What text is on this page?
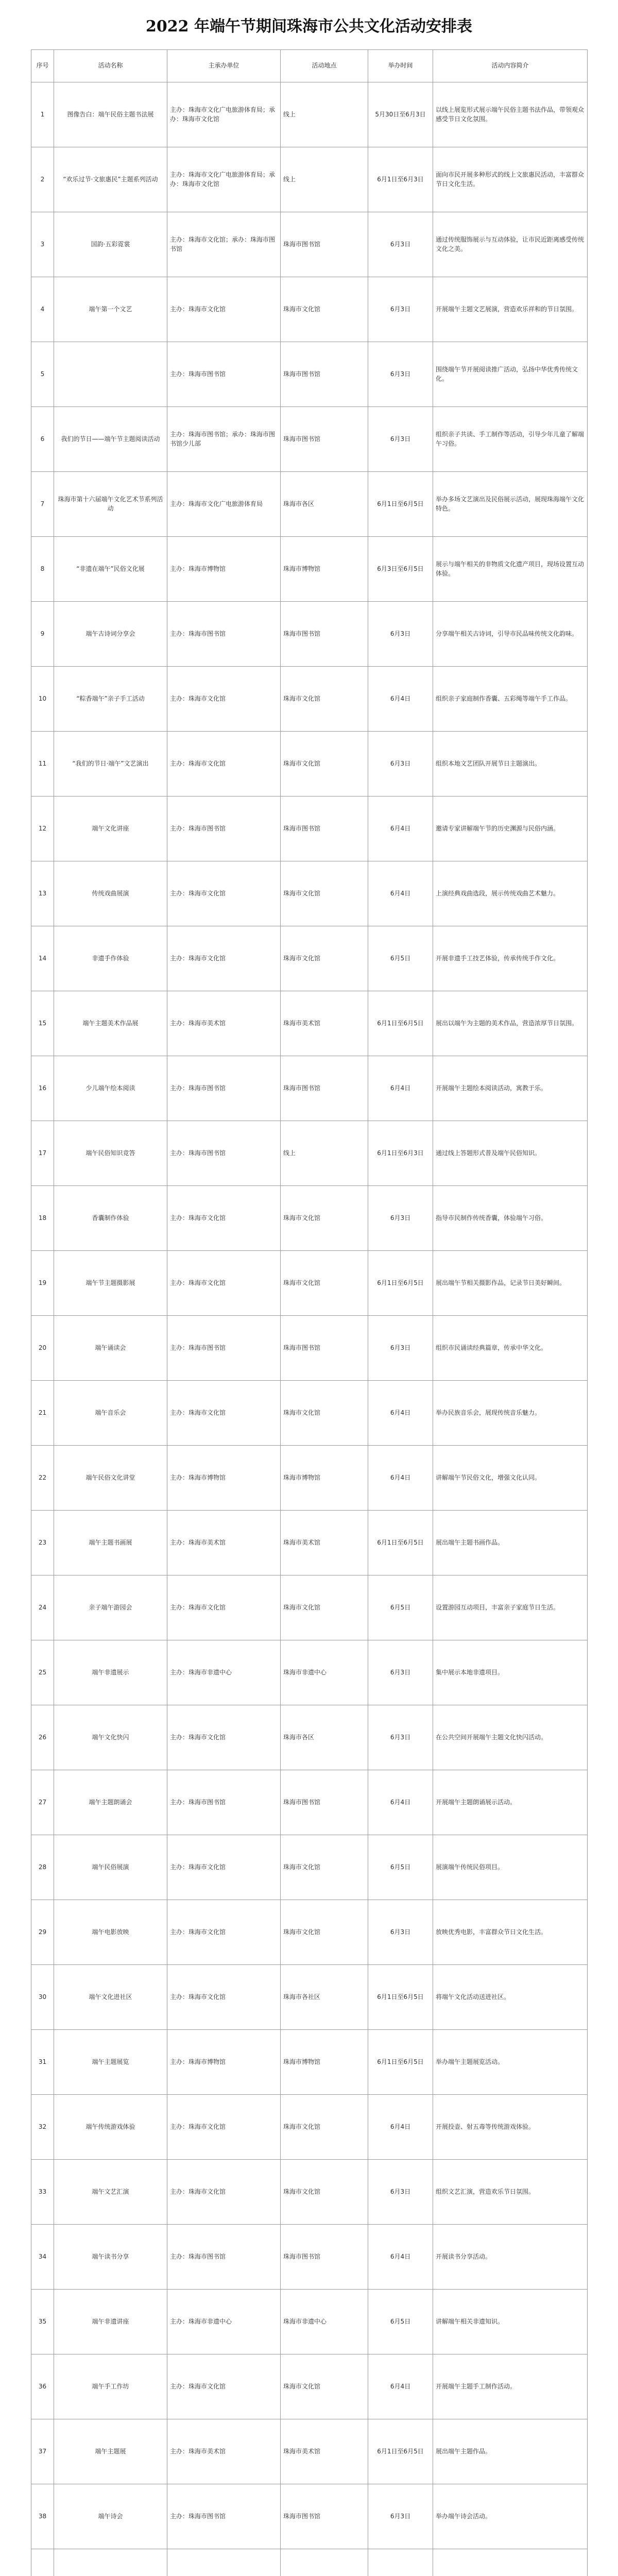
2022 年端午节期间珠海市公共文化活动安排表
序号	活动名称	主承办单位	活动地点	举办时间	活动内容简介
1	图像告白：端午民俗主题书法展	主办：珠海市文化广电旅游体育局；承办：珠海市文化馆	线上	5月30日至6月3日	以线上展览形式展示端午民俗主题书法作品，带领观众感受节日文化氛围。
2	“欢乐过节·文旅惠民”主题系列活动	主办：珠海市文化广电旅游体育局；承办：珠海市文化馆	线上	6月1日至6月3日	面向市民开展多种形式的线上文旅惠民活动，丰富群众节日文化生活。
3	国韵·五彩霓裳	主办：珠海市文化馆；承办：珠海市图书馆	珠海市图书馆	6月3日	通过传统服饰展示与互动体验，让市民近距离感受传统文化之美。
4	端午第一个文艺	主办：珠海市文化馆	珠海市文化馆	6月3日	开展端午主题文艺展演，营造欢乐祥和的节日氛围。
5		主办：珠海市图书馆	珠海市图书馆	6月3日	围绕端午节开展阅读推广活动，弘扬中华优秀传统文化。
6	我们的节日——端午节主题阅读活动	主办：珠海市图书馆；承办：珠海市图书馆少儿部	珠海市图书馆	6月3日	组织亲子共读、手工制作等活动，引导少年儿童了解端午习俗。
7	珠海市第十六届端午文化艺术节系列活动	主办：珠海市文化广电旅游体育局	珠海市各区	6月1日至6月5日	举办多场文艺演出及民俗展示活动，展现珠海端午文化特色。
8	“非遗在端午”民俗文化展	主办：珠海市博物馆	珠海市博物馆	6月3日至6月5日	展示与端午相关的非物质文化遗产项目，现场设置互动体验。
9	端午古诗词分享会	主办：珠海市图书馆	珠海市图书馆	6月3日	分享端午相关古诗词，引导市民品味传统文化韵味。
10	“粽香端午”亲子手工活动	主办：珠海市文化馆	珠海市文化馆	6月4日	组织亲子家庭制作香囊、五彩绳等端午手工作品。
11	“我们的节日·端午”文艺演出	主办：珠海市文化馆	珠海市文化馆	6月3日	组织本地文艺团队开展节日主题演出。
12	端午文化讲座	主办：珠海市图书馆	珠海市图书馆	6月4日	邀请专家讲解端午节的历史渊源与民俗内涵。
13	传统戏曲展演	主办：珠海市文化馆	珠海市文化馆	6月4日	上演经典戏曲选段，展示传统戏曲艺术魅力。
14	非遗手作体验	主办：珠海市文化馆	珠海市文化馆	6月5日	开展非遗手工技艺体验，传承传统手作文化。
15	端午主题美术作品展	主办：珠海市美术馆	珠海市美术馆	6月1日至6月5日	展出以端午为主题的美术作品，营造浓厚节日氛围。
16	少儿端午绘本阅读	主办：珠海市图书馆	珠海市图书馆	6月4日	开展端午主题绘本阅读活动，寓教于乐。
17	端午民俗知识竞答	主办：珠海市图书馆	线上	6月1日至6月3日	通过线上答题形式普及端午民俗知识。
18	香囊制作体验	主办：珠海市文化馆	珠海市文化馆	6月3日	指导市民制作传统香囊，体验端午习俗。
19	端午节主题摄影展	主办：珠海市文化馆	珠海市文化馆	6月1日至6月5日	展出端午节相关摄影作品，记录节日美好瞬间。
20	端午诵读会	主办：珠海市图书馆	珠海市图书馆	6月3日	组织市民诵读经典篇章，传承中华文化。
21	端午音乐会	主办：珠海市文化馆	珠海市文化馆	6月4日	举办民族音乐会，展现传统音乐魅力。
22	端午民俗文化讲堂	主办：珠海市博物馆	珠海市博物馆	6月4日	讲解端午节民俗文化，增强文化认同。
23	端午主题书画展	主办：珠海市美术馆	珠海市美术馆	6月1日至6月5日	展出端午主题书画作品。
24	亲子端午游园会	主办：珠海市文化馆	珠海市文化馆	6月5日	设置游园互动项目，丰富亲子家庭节日生活。
25	端午非遗展示	主办：珠海市非遗中心	珠海市非遗中心	6月3日	集中展示本地非遗项目。
26	端午文化快闪	主办：珠海市文化馆	珠海市各区	6月3日	在公共空间开展端午主题文化快闪活动。
27	端午主题朗诵会	主办：珠海市图书馆	珠海市图书馆	6月4日	开展端午主题朗诵展示活动。
28	端午民俗展演	主办：珠海市文化馆	珠海市文化馆	6月5日	展演端午传统民俗项目。
29	端午电影放映	主办：珠海市文化馆	珠海市文化馆	6月3日	放映优秀电影，丰富群众节日文化生活。
30	端午文化进社区	主办：珠海市文化馆	珠海市各社区	6月1日至6月5日	将端午文化活动送进社区。
31	端午主题展览	主办：珠海市博物馆	珠海市博物馆	6月1日至6月5日	举办端午主题展览活动。
32	端午传统游戏体验	主办：珠海市文化馆	珠海市文化馆	6月4日	开展投壶、射五毒等传统游戏体验。
33	端午文艺汇演	主办：珠海市文化馆	珠海市文化馆	6月3日	组织文艺汇演，营造欢乐节日氛围。
34	端午读书分享	主办：珠海市图书馆	珠海市图书馆	6月4日	开展读书分享活动。
35	端午非遗讲座	主办：珠海市非遗中心	珠海市非遗中心	6月5日	讲解端午相关非遗知识。
36	端午手工作坊	主办：珠海市文化馆	珠海市文化馆	6月4日	开展端午主题手工制作活动。
37	端午主题展	主办：珠海市美术馆	珠海市美术馆	6月1日至6月5日	展出端午主题作品。
38	端午诗会	主办：珠海市图书馆	珠海市图书馆	6月3日	举办端午诗会活动。
